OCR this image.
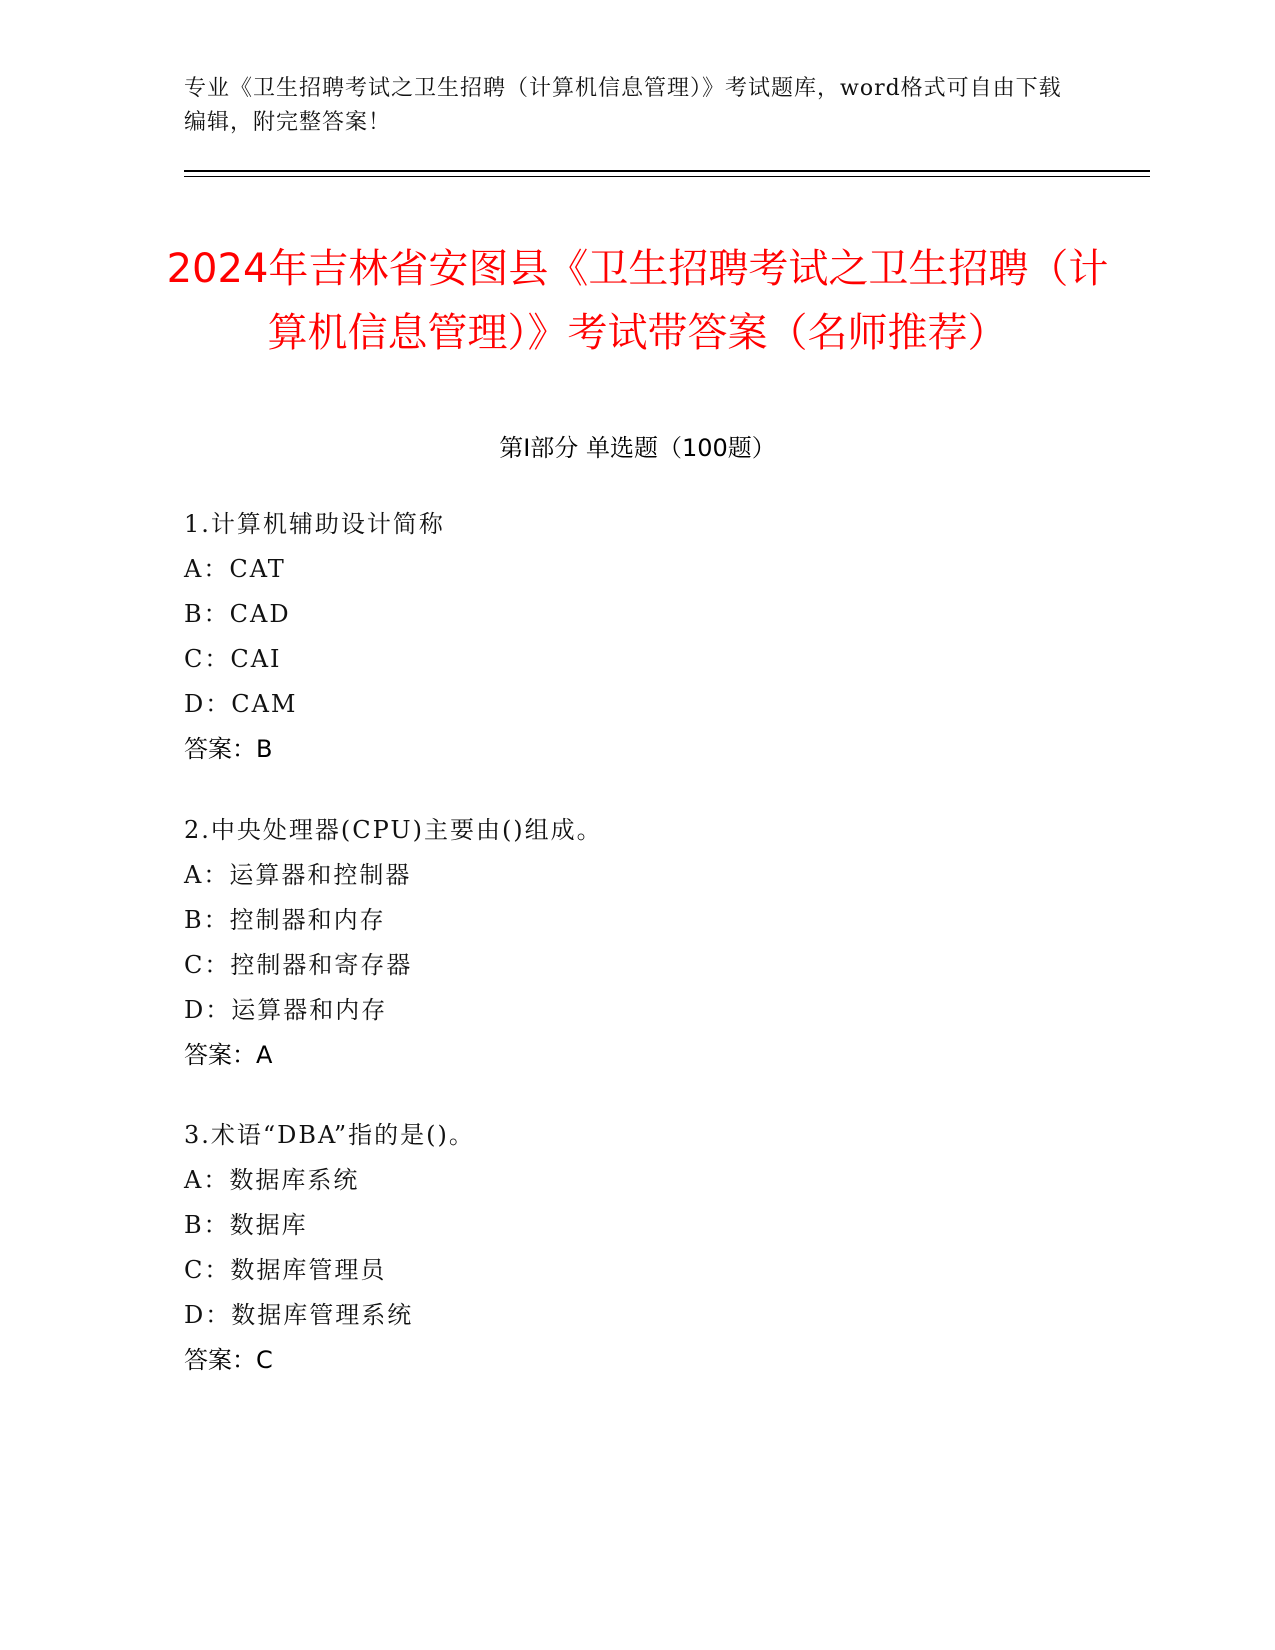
专业《卫生招聘考试之卫生招聘（计算机信息管理）》考试题库，word格式可自由下载编辑，附完整答案！
2024年吉林省安图县《卫生招聘考试之卫生招聘（计算机信息管理）》考试带答案（名师推荐）
第Ⅰ部分 单选题（100题）
1.计算机辅助设计简称
A：CAT
B：CAD
C：CAI
D：CAM
答案：B
2.中央处理器(CPU)主要由()组成。
A：运算器和控制器
B：控制器和内存
C：控制器和寄存器
D：运算器和内存
答案：A
3.术语“DBA”指的是()。
A：数据库系统
B：数据库
C：数据库管理员
D：数据库管理系统
答案：C
